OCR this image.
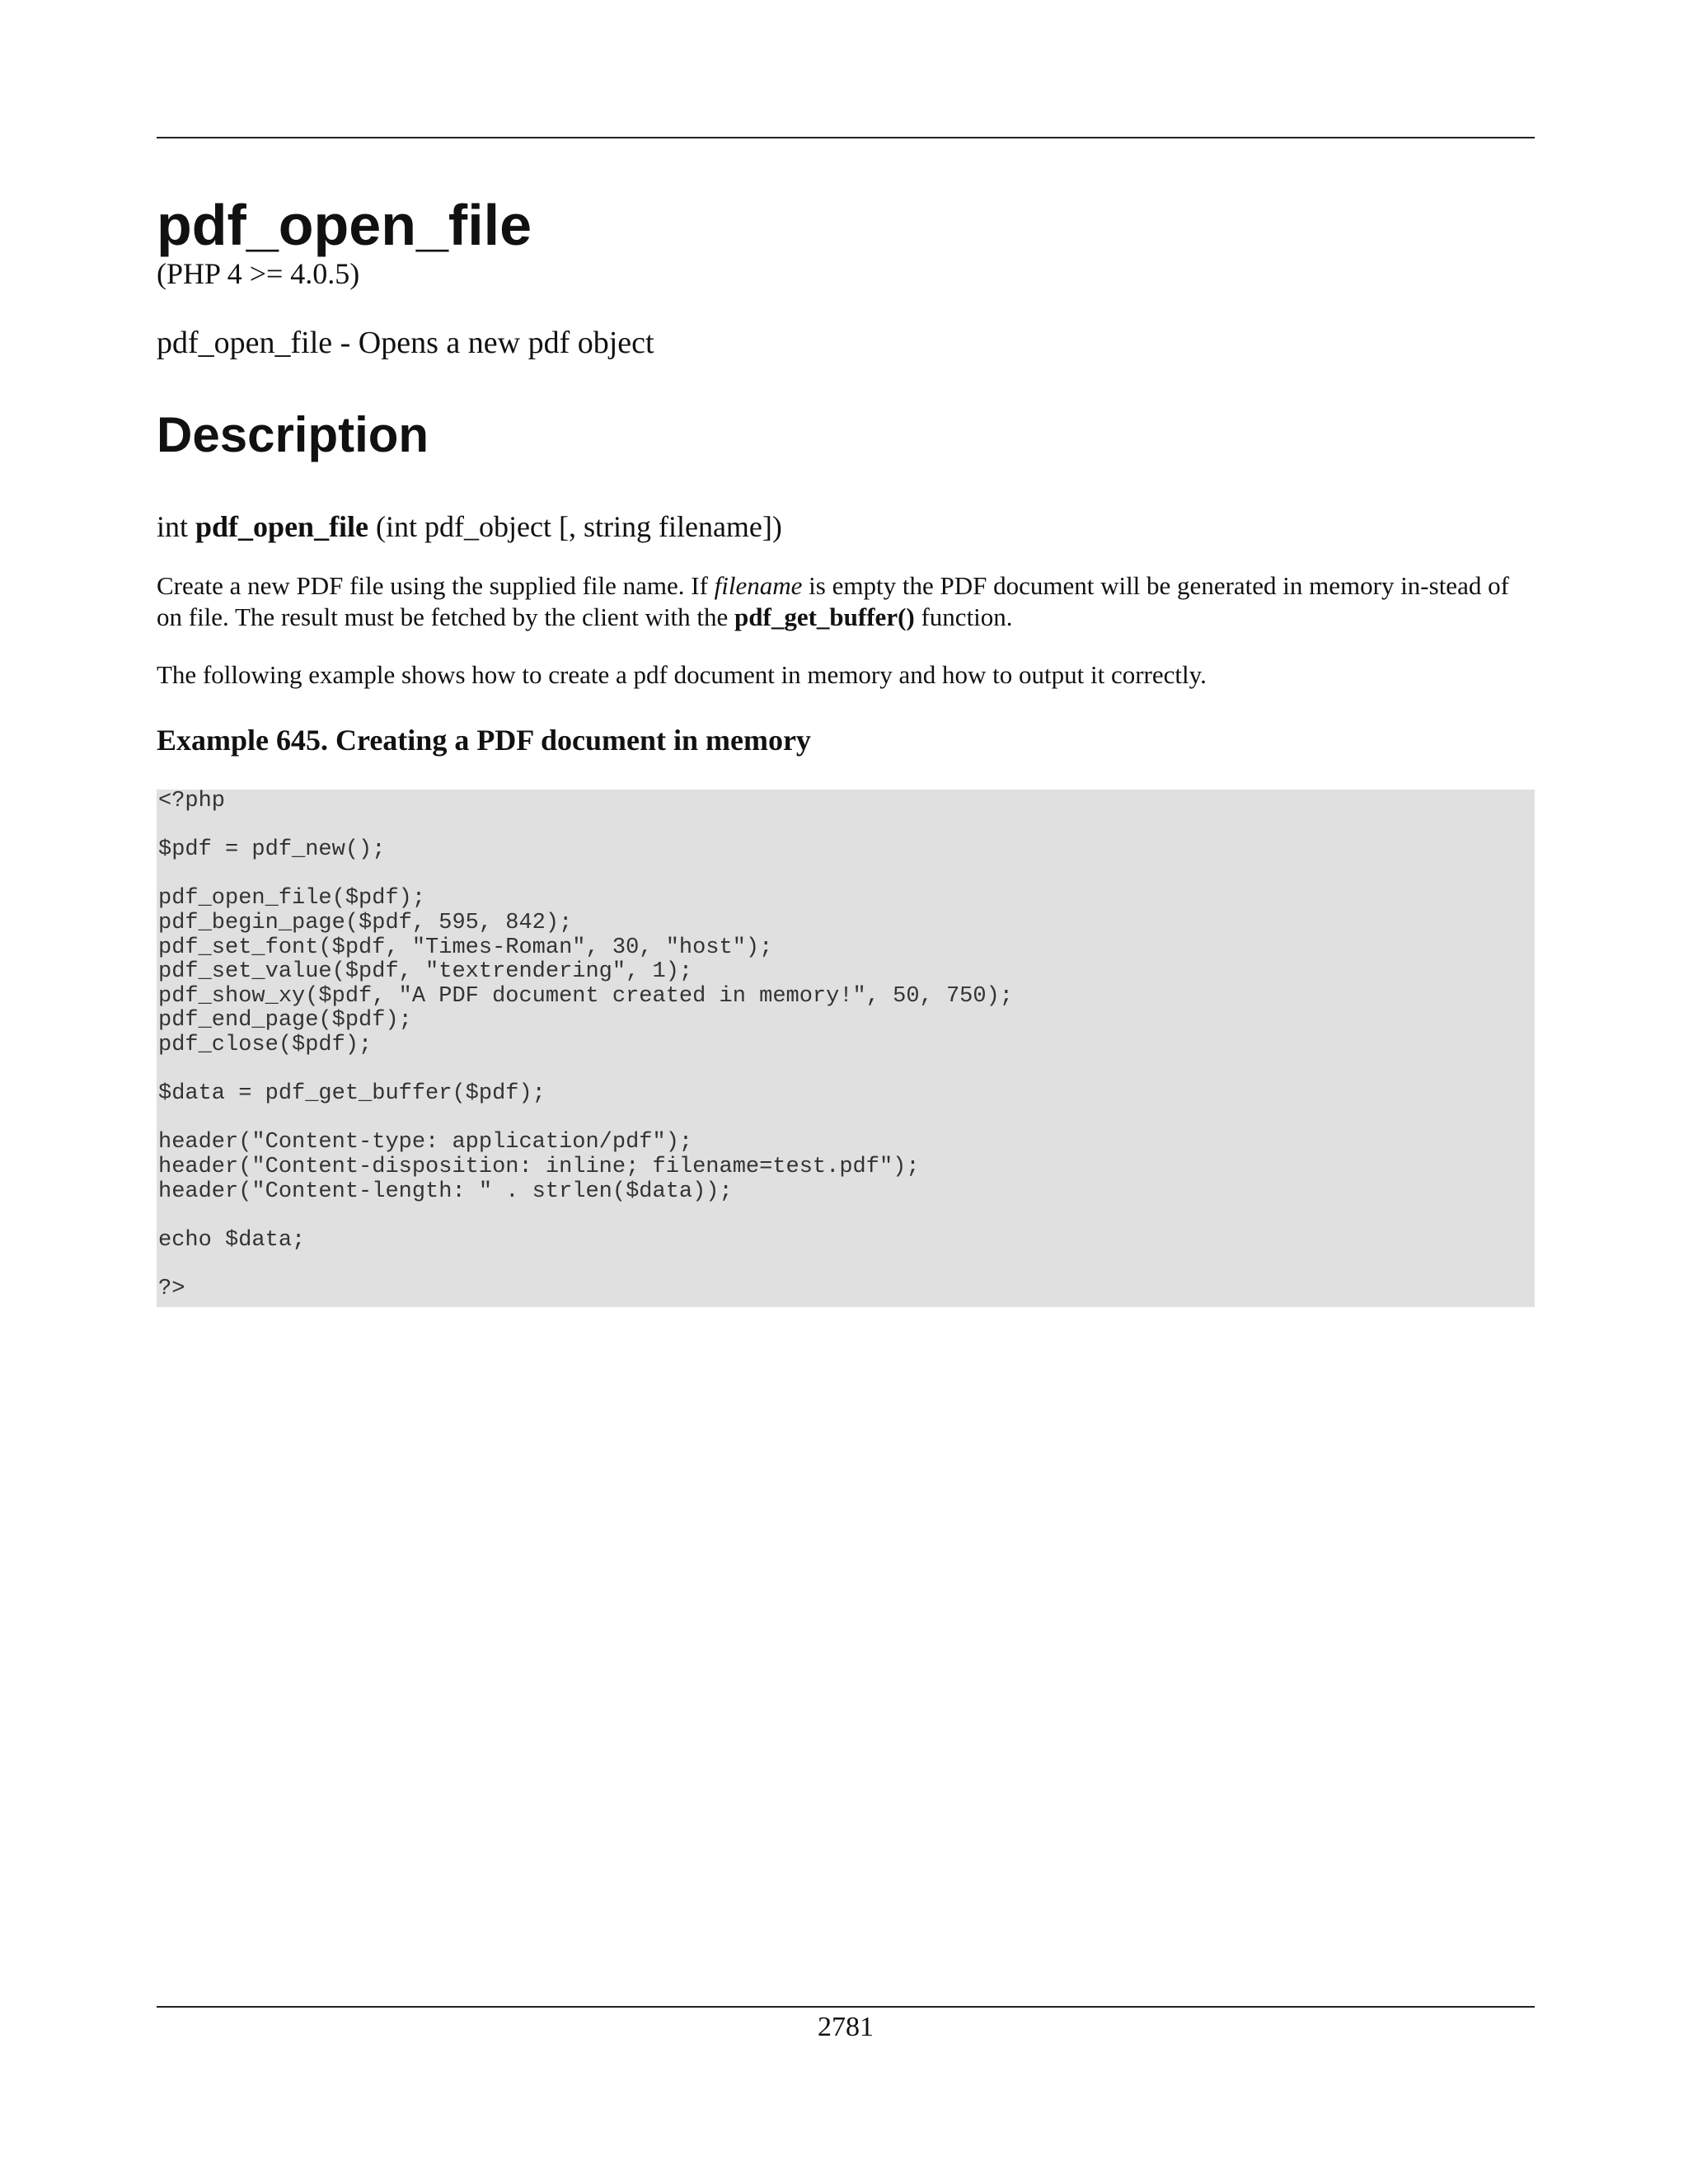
pdf_open_file
(PHP 4 >= 4.0.5)
pdf_open_file - Opens a new pdf object
Description
int pdf_open_file (int pdf_object [, string filename])

Create a new PDF file using the supplied file name. If filename is empty the PDF document will be generated in memory in-stead of on file. The result must be fetched by the client with the pdf_get_buffer() function.

The following example shows how to create a pdf document in memory and how to output it correctly.

Example 645. Creating a PDF document in memory
<?php
$pdf = pdf_new();
pdf_open_file($pdf);
pdf_begin_page($pdf, 595, 842);
pdf_set_font($pdf, "Times-Roman", 30, "host");
pdf_set_value($pdf, "textrendering", 1);
pdf_show_xy($pdf, "A PDF document created in memory!", 50, 750);
pdf_end_page($pdf);
pdf_close($pdf);
$data = pdf_get_buffer($pdf);
header("Content-type: application/pdf");
header("Content-disposition: inline; filename=test.pdf");
header("Content-length: " . strlen($data));
echo $data;
?>
2781
